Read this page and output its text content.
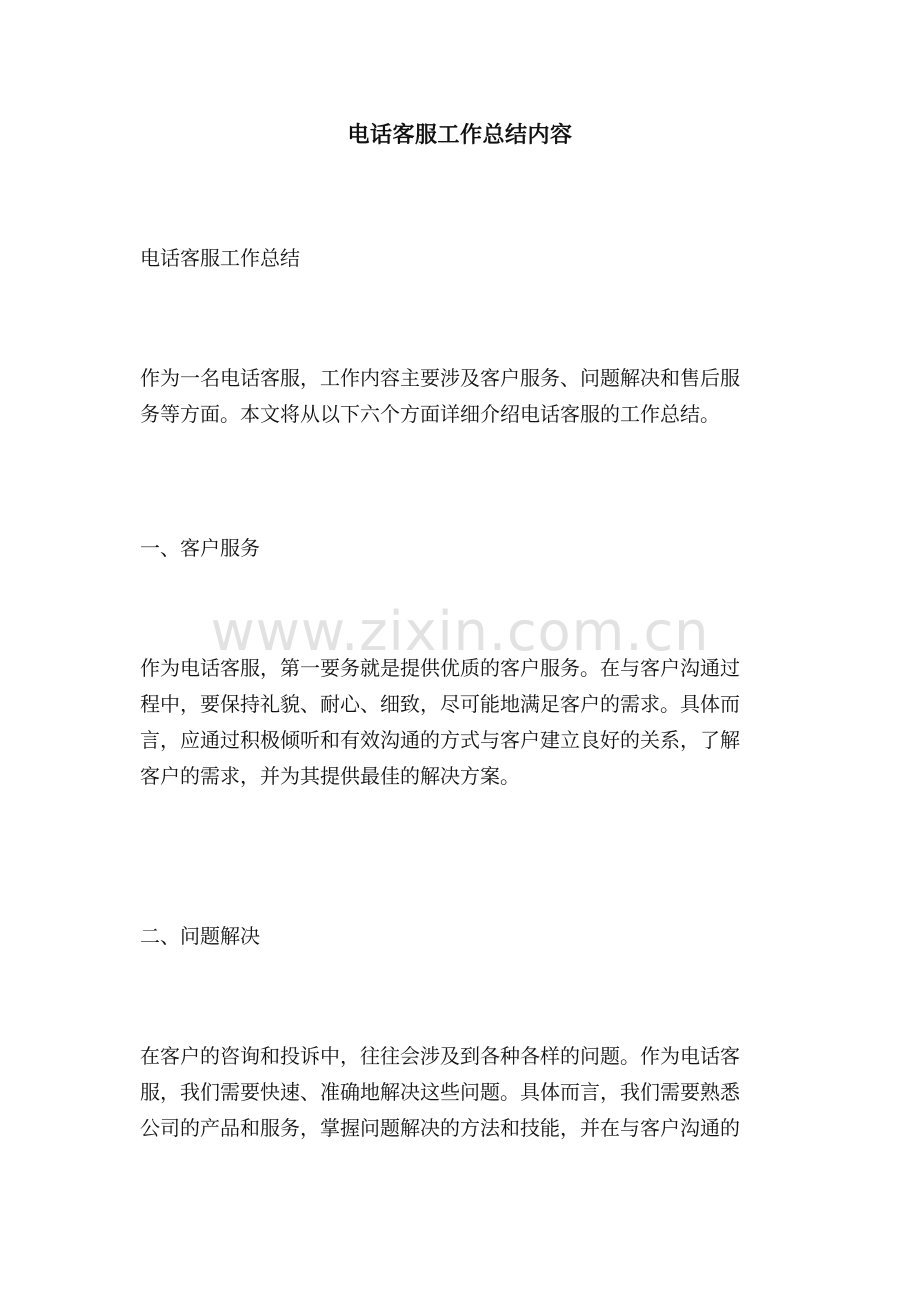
电话客服工作总结内容
电话客服工作总结
作为一名电话客服，工作内容主要涉及客户服务、问题解决和售后服
务等方面。本文将从以下六个方面详细介绍电话客服的工作总结。
一、客户服务
www.zixin.com.cn
作为电话客服，第一要务就是提供优质的客户服务。在与客户沟通过
程中，要保持礼貌、耐心、细致，尽可能地满足客户的需求。具体而
言，应通过积极倾听和有效沟通的方式与客户建立良好的关系，了解
客户的需求，并为其提供最佳的解决方案。
二、问题解决
在客户的咨询和投诉中，往往会涉及到各种各样的问题。作为电话客
服，我们需要快速、准确地解决这些问题。具体而言，我们需要熟悉
公司的产品和服务，掌握问题解决的方法和技能，并在与客户沟通的
